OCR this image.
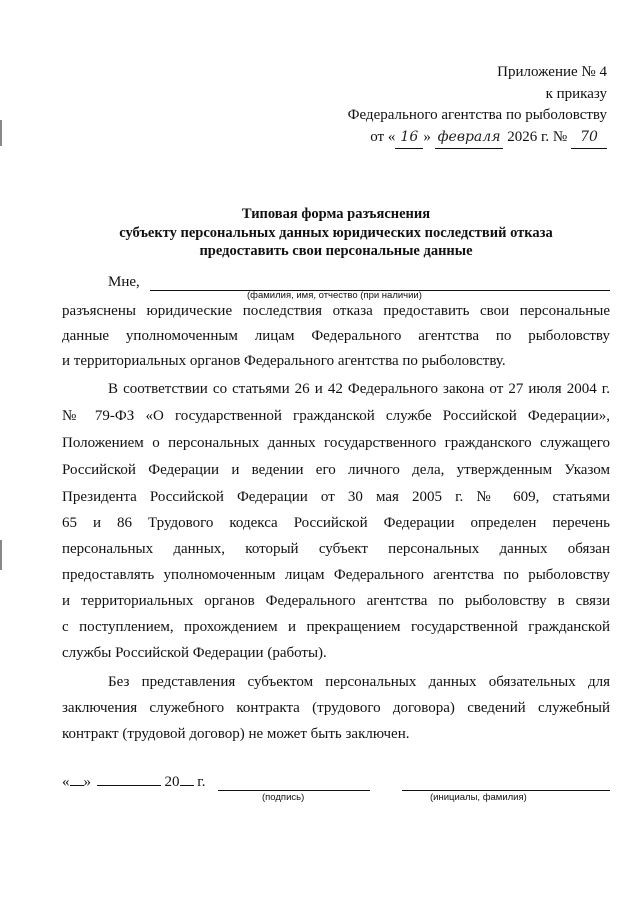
Приложение № 4
к приказу
Федерального агентства по рыболовству
от « 16 » февраля 2026 г. № 70
Типовая форма разъяснения
субъекту персональных данных юридических последствий отказа
предоставить свои персональные данные
Мне,
(фамилия, имя, отчество (при наличии)
разъяснены юридические последствия отказа предоставить свои персональные
данные уполномоченным лицам Федерального агентства по рыболовству
и территориальных органов Федерального агентства по рыболовству.
В соответствии со статьями 26 и 42 Федерального закона от 27 июля 2004 г.
№ 79-ФЗ «О государственной гражданской службе Российской Федерации»,
Положением о персональных данных государственного гражданского служащего
Российской Федерации и ведении его личного дела, утвержденным Указом
Президента Российской Федерации от 30 мая 2005 г. № 609, статьями
65 и 86 Трудового кодекса Российской Федерации определен перечень
персональных данных, который субъект персональных данных обязан
предоставлять уполномоченным лицам Федерального агентства по рыболовству
и территориальных органов Федерального агентства по рыболовству в связи
с поступлением, прохождением и прекращением государственной гражданской
службы Российской Федерации (работы).
Без представления субъектом персональных данных обязательных для
заключения служебного контракта (трудового договора) сведений служебный
контракт (трудовой договор) не может быть заключен.
« »	20 г.
(подпись)	(инициалы, фамилия)
